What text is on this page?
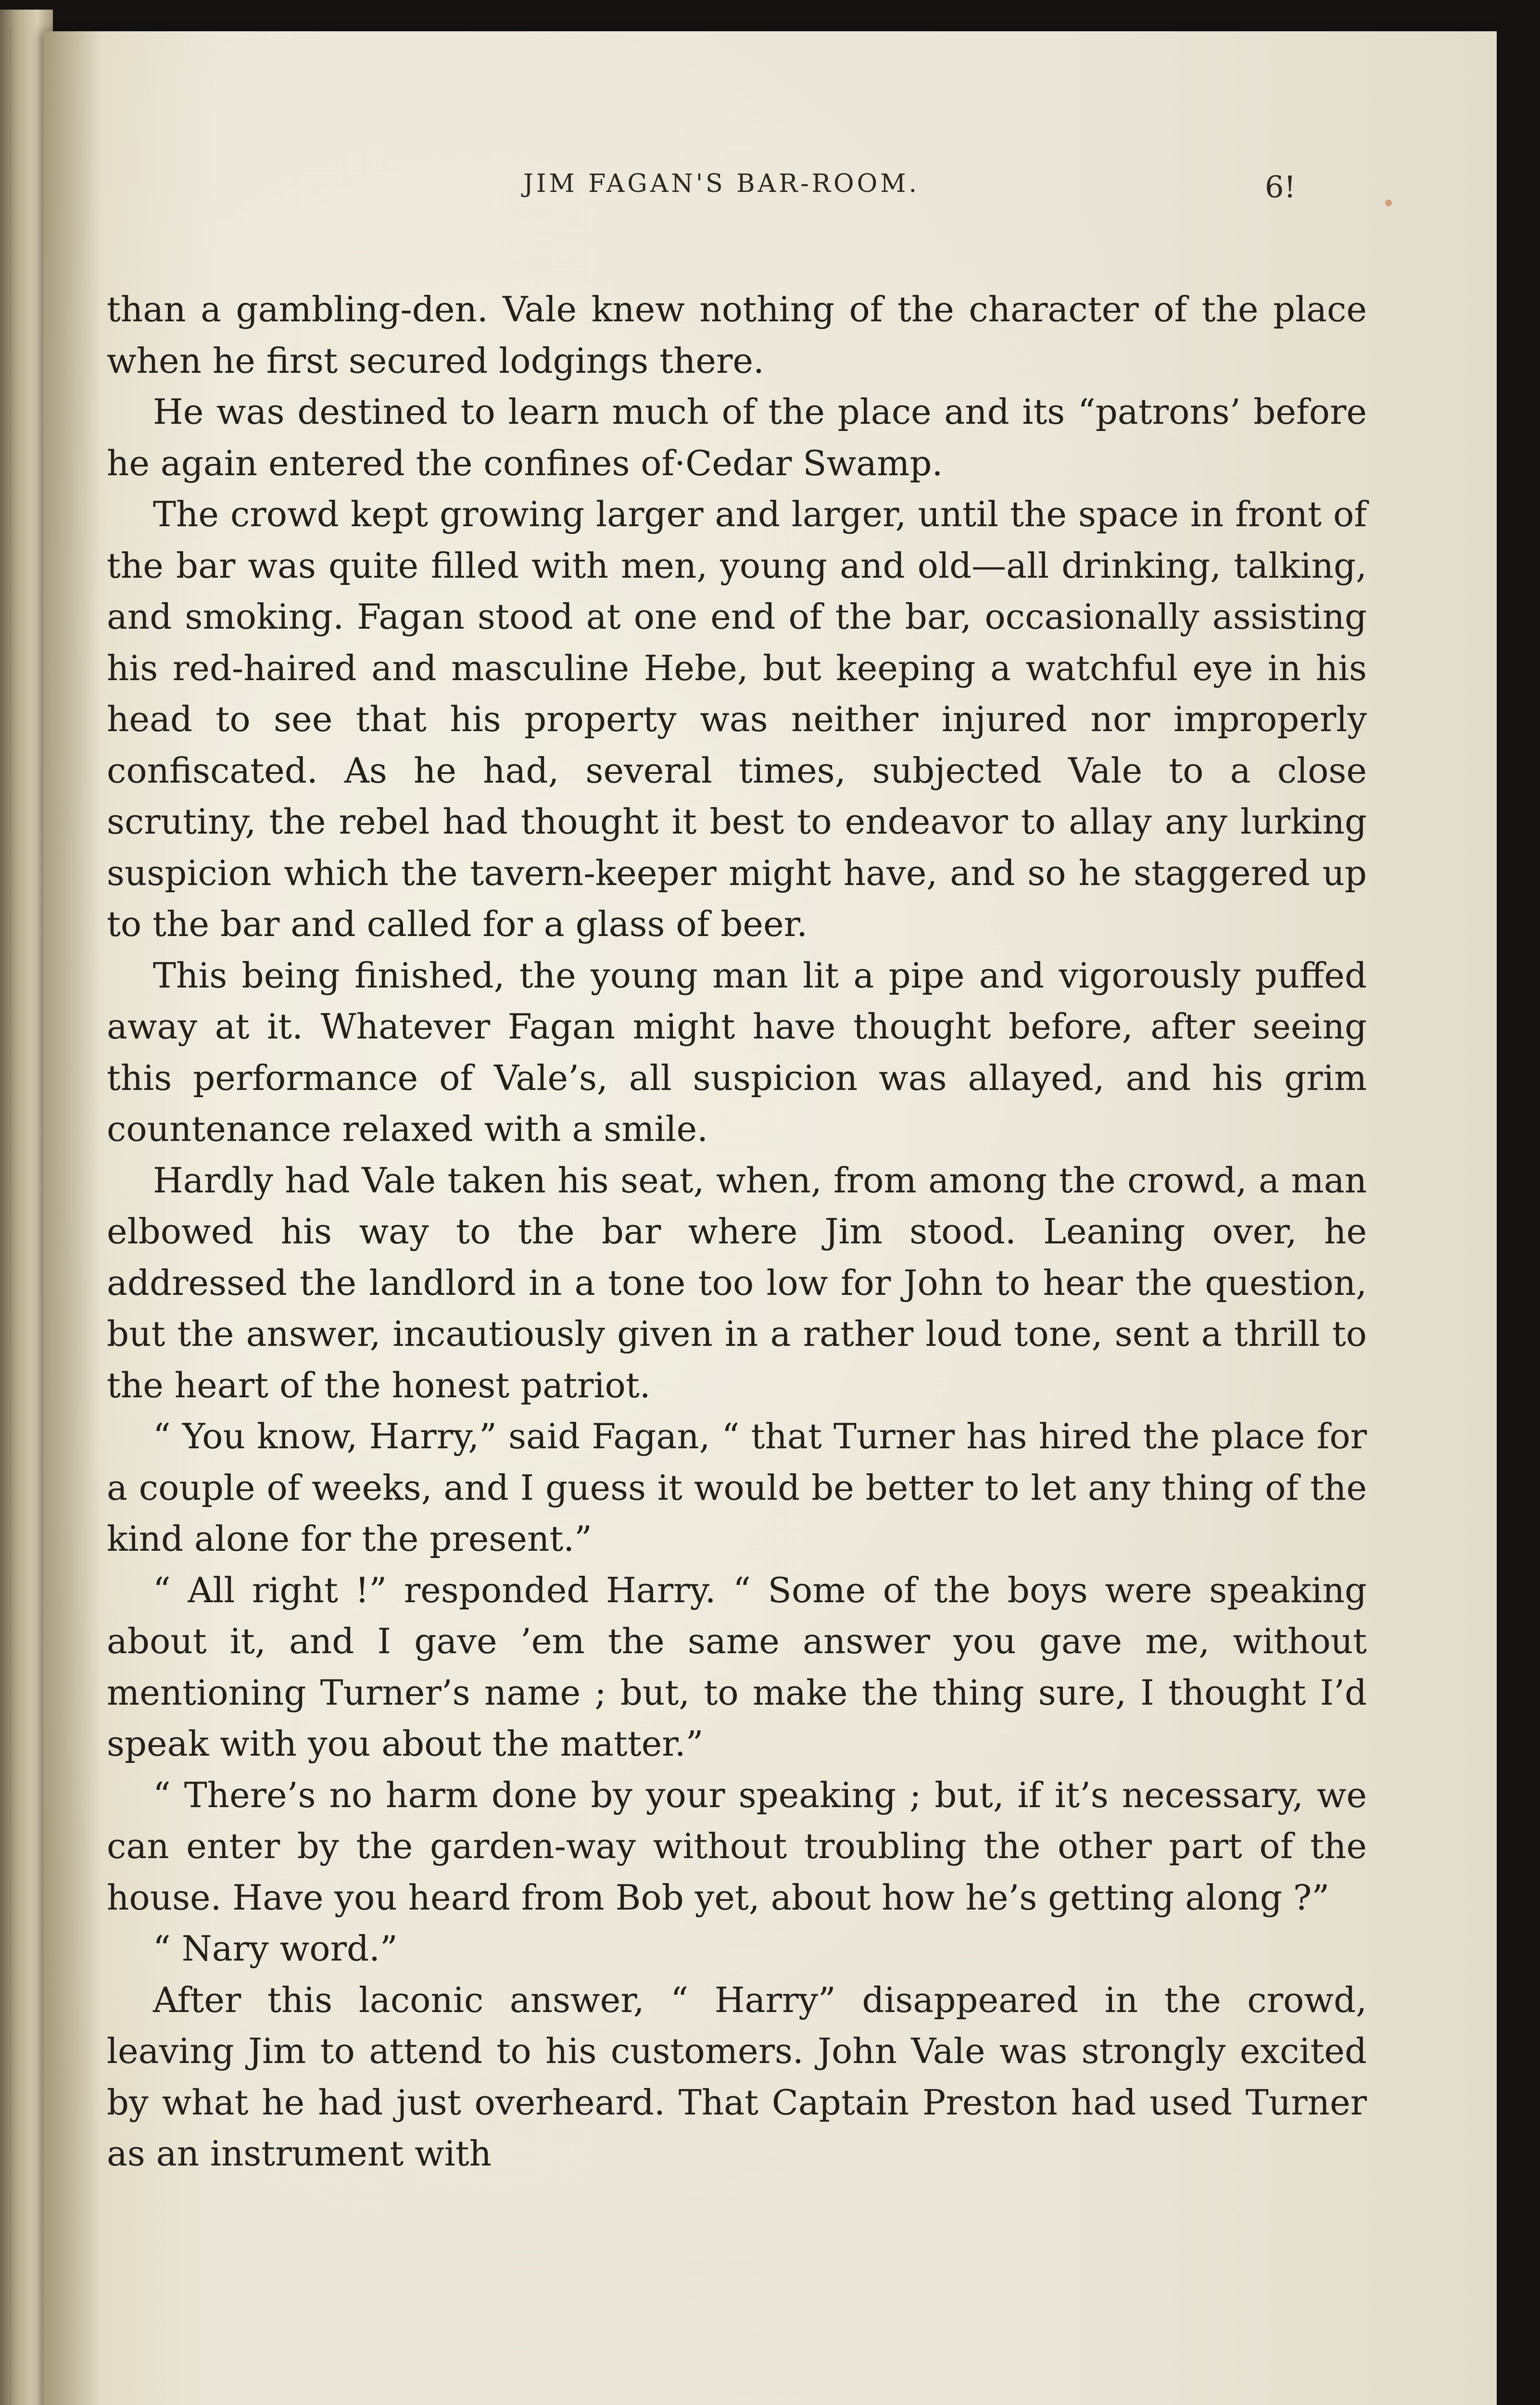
JIM FAGAN'S BAR-ROOM.	6!

than a gambling-den. Vale knew nothing of the character of the place when he first secured lodgings there.

He was destined to learn much of the place and its “patrons’ before he again entered the confines of·Cedar Swamp.

The crowd kept growing larger and larger, until the space in front of the bar was quite filled with men, young and old—all drinking, talking, and smoking. Fagan stood at one end of the bar, occasionally assisting his red-haired and masculine Hebe, but keeping a watchful eye in his head to see that his property was neither injured nor improperly confiscated. As he had, several times, subjected Vale to a close scrutiny, the rebel had thought it best to endeavor to allay any lurking suspicion which the tavern-keeper might have, and so he staggered up to the bar and called for a glass of beer.

This being finished, the young man lit a pipe and vigorously puffed away at it. Whatever Fagan might have thought before, after seeing this performance of Vale’s, all suspicion was allayed, and his grim countenance relaxed with a smile.

Hardly had Vale taken his seat, when, from among the crowd, a man elbowed his way to the bar where Jim stood. Leaning over, he addressed the landlord in a tone too low for John to hear the question, but the answer, incautiously given in a rather loud tone, sent a thrill to the heart of the honest patriot.

“ You know, Harry,” said Fagan, “ that Turner has hired the place for a couple of weeks, and I guess it would be better to let any thing of the kind alone for the present.”

“ All right !” responded Harry. “ Some of the boys were speaking about it, and I gave ’em the same answer you gave me, without mentioning Turner’s name ; but, to make the thing sure, I thought I’d speak with you about the matter.”

“ There’s no harm done by your speaking ; but, if it’s necessary, we can enter by the garden-way without troubling the other part of the house. Have you heard from Bob yet, about how he’s getting along ?”

“ Nary word.”

After this laconic answer, “ Harry” disappeared in the crowd, leaving Jim to attend to his customers. John Vale was strongly excited by what he had just overheard. That Captain Preston had used Turner as an instrument with
